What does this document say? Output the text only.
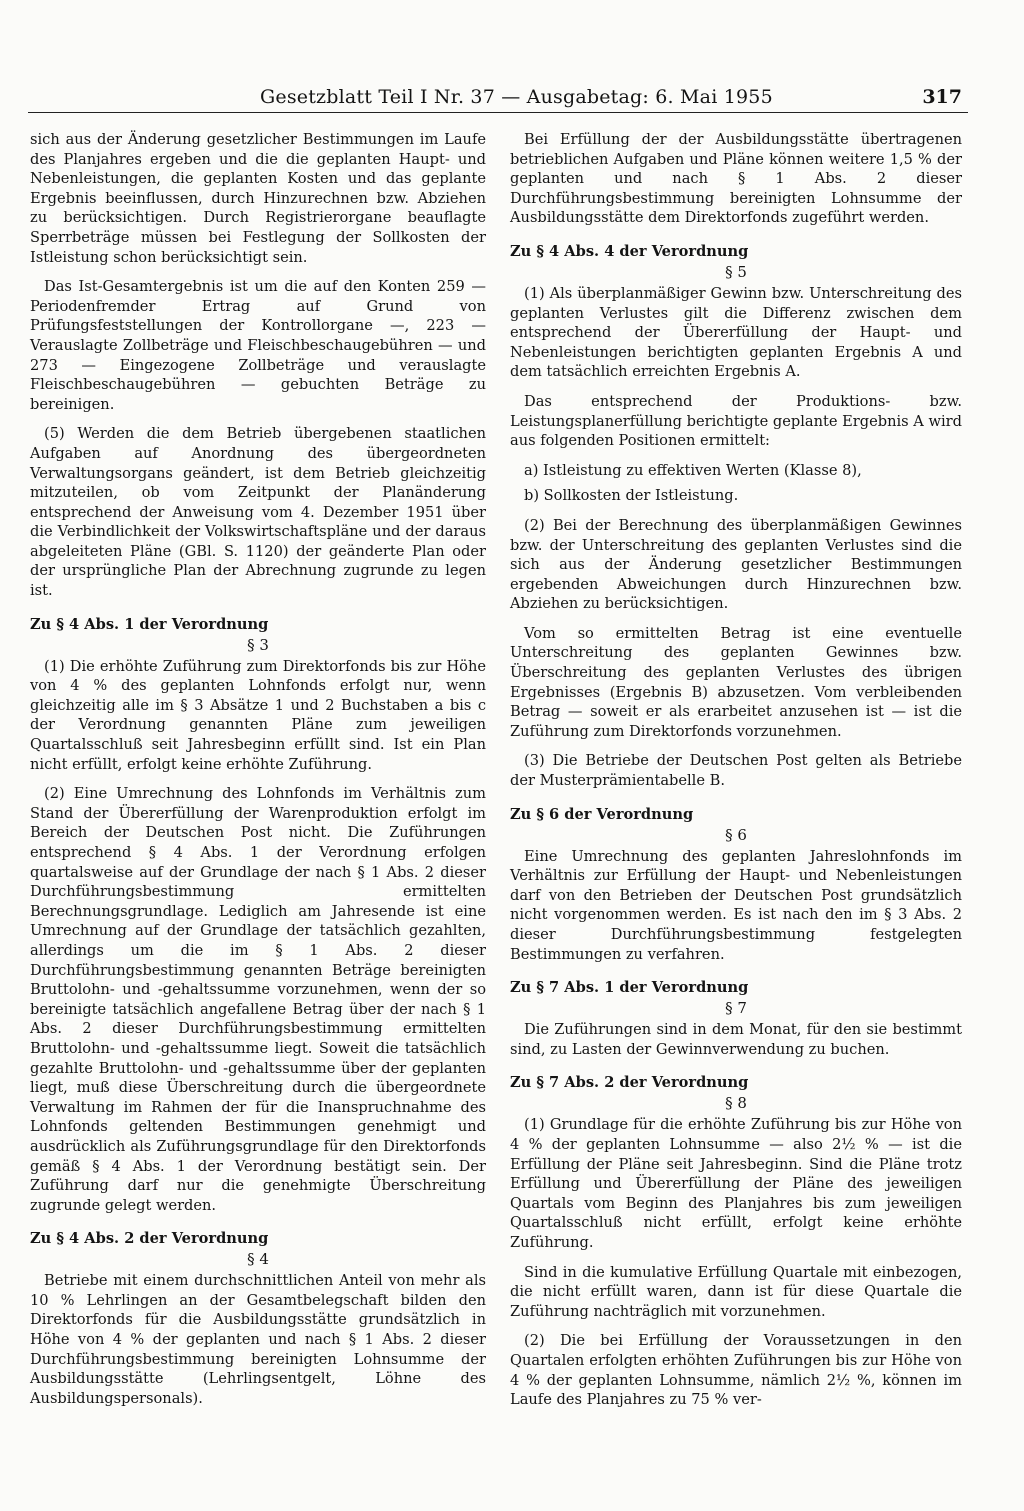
Gesetzblatt Teil I Nr. 37 — Ausgabetag: 6. Mai 1955	317

sich aus der Änderung gesetzlicher Bestimmungen im Laufe des Planjahres ergeben und die die geplanten Haupt- und Nebenleistungen, die geplanten Kosten und das geplante Ergebnis beeinflussen, durch Hinzurechnen bzw. Abziehen zu berücksichtigen. Durch Registrierorgane beauflagte Sperrbeträge müssen bei Festlegung der Sollkosten der Istleistung schon berücksichtigt sein.

Das Ist-Gesamtergebnis ist um die auf den Konten 259 — Periodenfremder Ertrag auf Grund von Prüfungsfeststellungen der Kontrollorgane —, 223 — Verauslagte Zollbeträge und Fleischbeschaugebühren — und 273 — Eingezogene Zollbeträge und verauslagte Fleischbeschaugebühren — gebuchten Beträge zu bereinigen.

(5) Werden die dem Betrieb übergebenen staatlichen Aufgaben auf Anordnung des übergeordneten Verwaltungsorgans geändert, ist dem Betrieb gleichzeitig mitzuteilen, ob vom Zeitpunkt der Planänderung entsprechend der Anweisung vom 4. Dezember 1951 über die Verbindlichkeit der Volkswirtschaftspläne und der daraus abgeleiteten Pläne (GBl. S. 1120) der geänderte Plan oder der ursprüngliche Plan der Abrechnung zugrunde zu legen ist.

Zu § 4 Abs. 1 der Verordnung
§ 3

(1) Die erhöhte Zuführung zum Direktorfonds bis zur Höhe von 4 % des geplanten Lohnfonds erfolgt nur, wenn gleichzeitig alle im § 3 Absätze 1 und 2 Buchstaben a bis c der Verordnung genannten Pläne zum jeweiligen Quartalsschluß seit Jahresbeginn erfüllt sind. Ist ein Plan nicht erfüllt, erfolgt keine erhöhte Zuführung.

(2) Eine Umrechnung des Lohnfonds im Verhältnis zum Stand der Übererfüllung der Warenproduktion erfolgt im Bereich der Deutschen Post nicht. Die Zuführungen entsprechend § 4 Abs. 1 der Verordnung erfolgen quartalsweise auf der Grundlage der nach § 1 Abs. 2 dieser Durchführungsbestimmung ermittelten Berechnungsgrundlage. Lediglich am Jahresende ist eine Umrechnung auf der Grundlage der tatsächlich gezahlten, allerdings um die im § 1 Abs. 2 dieser Durchführungsbestimmung genannten Beträge bereinigten Bruttolohn- und -gehaltssumme vorzunehmen, wenn der so bereinigte tatsächlich angefallene Betrag über der nach § 1 Abs. 2 dieser Durchführungsbestimmung ermittelten Bruttolohn- und -gehaltssumme liegt. Soweit die tatsächlich gezahlte Bruttolohn- und -gehaltssumme über der geplanten liegt, muß diese Überschreitung durch die übergeordnete Verwaltung im Rahmen der für die Inanspruchnahme des Lohnfonds geltenden Bestimmungen genehmigt und ausdrücklich als Zuführungsgrundlage für den Direktorfonds gemäß § 4 Abs. 1 der Verordnung bestätigt sein. Der Zuführung darf nur die genehmigte Überschreitung zugrunde gelegt werden.

Zu § 4 Abs. 2 der Verordnung
§ 4

Betriebe mit einem durchschnittlichen Anteil von mehr als 10 % Lehrlingen an der Gesamtbelegschaft bilden den Direktorfonds für die Ausbildungsstätte grundsätzlich in Höhe von 4 % der geplanten und nach § 1 Abs. 2 dieser Durchführungsbestimmung bereinigten Lohnsumme der Ausbildungsstätte (Lehrlingsentgelt, Löhne des Ausbildungspersonals).

Bei Erfüllung der der Ausbildungsstätte übertragenen betrieblichen Aufgaben und Pläne können weitere 1,5 % der geplanten und nach § 1 Abs. 2 dieser Durchführungsbestimmung bereinigten Lohnsumme der Ausbildungsstätte dem Direktorfonds zugeführt werden.

Zu § 4 Abs. 4 der Verordnung
§ 5

(1) Als überplanmäßiger Gewinn bzw. Unterschreitung des geplanten Verlustes gilt die Differenz zwischen dem entsprechend der Übererfüllung der Haupt- und Nebenleistungen berichtigten geplanten Ergebnis A und dem tatsächlich erreichten Ergebnis A.

Das entsprechend der Produktions- bzw. Leistungsplanerfüllung berichtigte geplante Ergebnis A wird aus folgenden Positionen ermittelt:

a) Istleistung zu effektiven Werten (Klasse 8),
b) Sollkosten der Istleistung.

(2) Bei der Berechnung des überplanmäßigen Gewinnes bzw. der Unterschreitung des geplanten Verlustes sind die sich aus der Änderung gesetzlicher Bestimmungen ergebenden Abweichungen durch Hinzurechnen bzw. Abziehen zu berücksichtigen.

Vom so ermittelten Betrag ist eine eventuelle Unterschreitung des geplanten Gewinnes bzw. Überschreitung des geplanten Verlustes des übrigen Ergebnisses (Ergebnis B) abzusetzen. Vom verbleibenden Betrag — soweit er als erarbeitet anzusehen ist — ist die Zuführung zum Direktorfonds vorzunehmen.

(3) Die Betriebe der Deutschen Post gelten als Betriebe der Musterprämientabelle B.

Zu § 6 der Verordnung
§ 6

Eine Umrechnung des geplanten Jahreslohnfonds im Verhältnis zur Erfüllung der Haupt- und Nebenleistungen darf von den Betrieben der Deutschen Post grundsätzlich nicht vorgenommen werden. Es ist nach den im § 3 Abs. 2 dieser Durchführungsbestimmung festgelegten Bestimmungen zu verfahren.

Zu § 7 Abs. 1 der Verordnung
§ 7

Die Zuführungen sind in dem Monat, für den sie bestimmt sind, zu Lasten der Gewinnverwendung zu buchen.

Zu § 7 Abs. 2 der Verordnung
§ 8

(1) Grundlage für die erhöhte Zuführung bis zur Höhe von 4 % der geplanten Lohnsumme — also 2½ % — ist die Erfüllung der Pläne seit Jahresbeginn. Sind die Pläne trotz Erfüllung und Übererfüllung der Pläne des jeweiligen Quartals vom Beginn des Planjahres bis zum jeweiligen Quartalsschluß nicht erfüllt, erfolgt keine erhöhte Zuführung.

Sind in die kumulative Erfüllung Quartale mit einbezogen, die nicht erfüllt waren, dann ist für diese Quartale die Zuführung nachträglich mit vorzunehmen.

(2) Die bei Erfüllung der Voraussetzungen in den Quartalen erfolgten erhöhten Zuführungen bis zur Höhe von 4 % der geplanten Lohnsumme, nämlich 2½ %, können im Laufe des Planjahres zu 75 % ver-
